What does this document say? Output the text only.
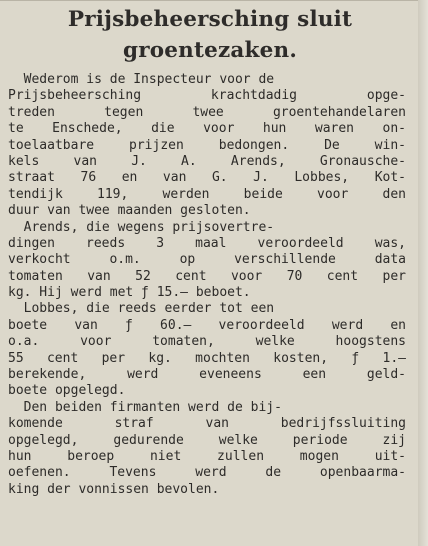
Prijsbeheersching sluit
groentezaken.
Wederom is de Inspecteur voor de
Prijsbeheersching krachtdadig opge-
treden tegen twee groentehandelaren
te Enschede, die voor hun waren on-
toelaatbare prijzen bedongen. De win-
kels van J. A. Arends, Gronausche-
straat 76 en van G. J. Lobbes, Kot-
tendijk 119, werden beide voor den
duur van twee maanden gesloten.
Arends, die wegens prijsovertre-
dingen reeds 3 maal veroordeeld was,
verkocht o.m. op verschillende data
tomaten van 52 cent voor 70 cent per
kg. Hij werd met ƒ 15.— beboet.
Lobbes, die reeds eerder tot een
boete van ƒ 60.— veroordeeld werd en
o.a. voor tomaten, welke hoogstens
55 cent per kg. mochten kosten, ƒ 1.—
berekende, werd eveneens een geld-
boete opgelegd.
Den beiden firmanten werd de bij-
komende straf van bedrijfssluiting
opgelegd, gedurende welke periode zij
hun beroep niet zullen mogen uit-
oefenen. Tevens werd de openbaarma-
king der vonnissen bevolen.
